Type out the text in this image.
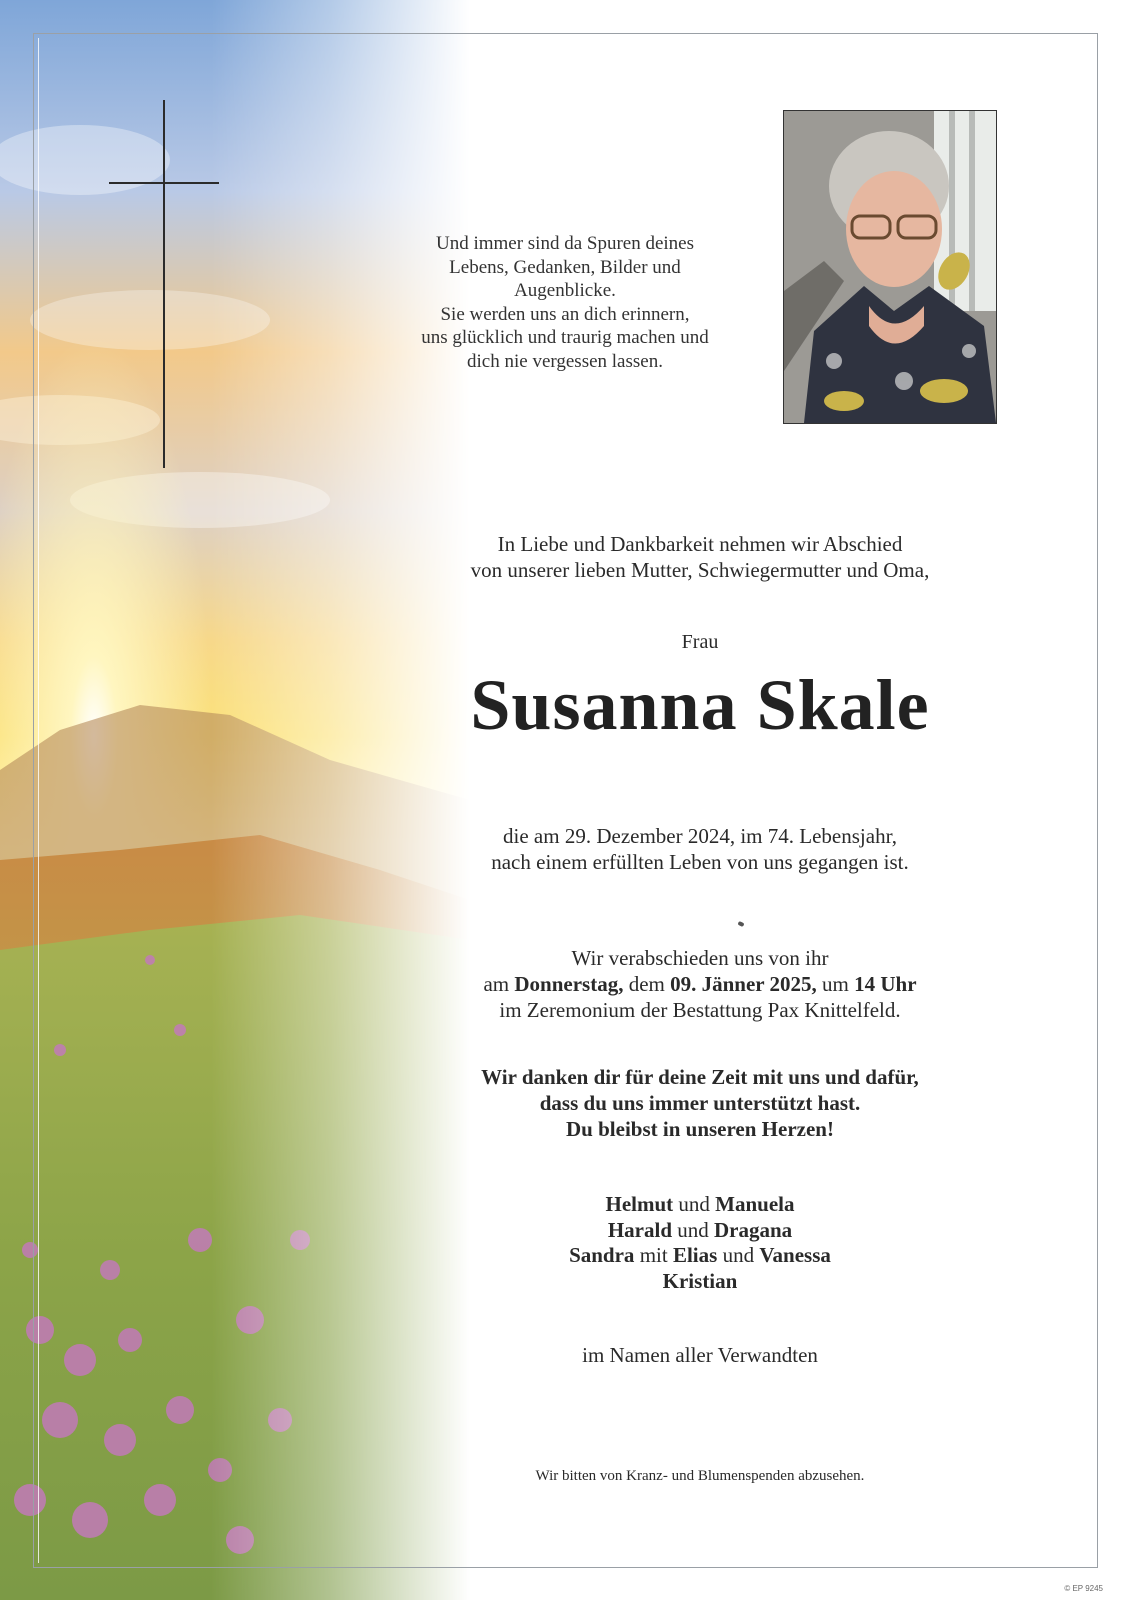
Und immer sind da Spuren deines
Lebens, Gedanken, Bilder und
Augenblicke.
Sie werden uns an dich erinnern,
uns glücklich und traurig machen und
dich nie vergessen lassen.
In Liebe und Dankbarkeit nehmen wir Abschied
von unserer lieben Mutter, Schwiegermutter und Oma,
Frau
Susanna Skale
die am 29. Dezember 2024, im 74. Lebensjahr,
nach einem erfüllten Leben von uns gegangen ist.
Wir verabschieden uns von ihr
am Donnerstag, dem 09. Jänner 2025, um 14 Uhr
im Zeremonium der Bestattung Pax Knittelfeld.
Wir danken dir für deine Zeit mit uns und dafür,
dass du uns immer unterstützt hast.
Du bleibst in unseren Herzen!
Helmut und Manuela
Harald und Dragana
Sandra mit Elias und Vanessa
Kristian
im Namen aller Verwandten
Wir bitten von Kranz- und Blumenspenden abzusehen.
© EP 9245
